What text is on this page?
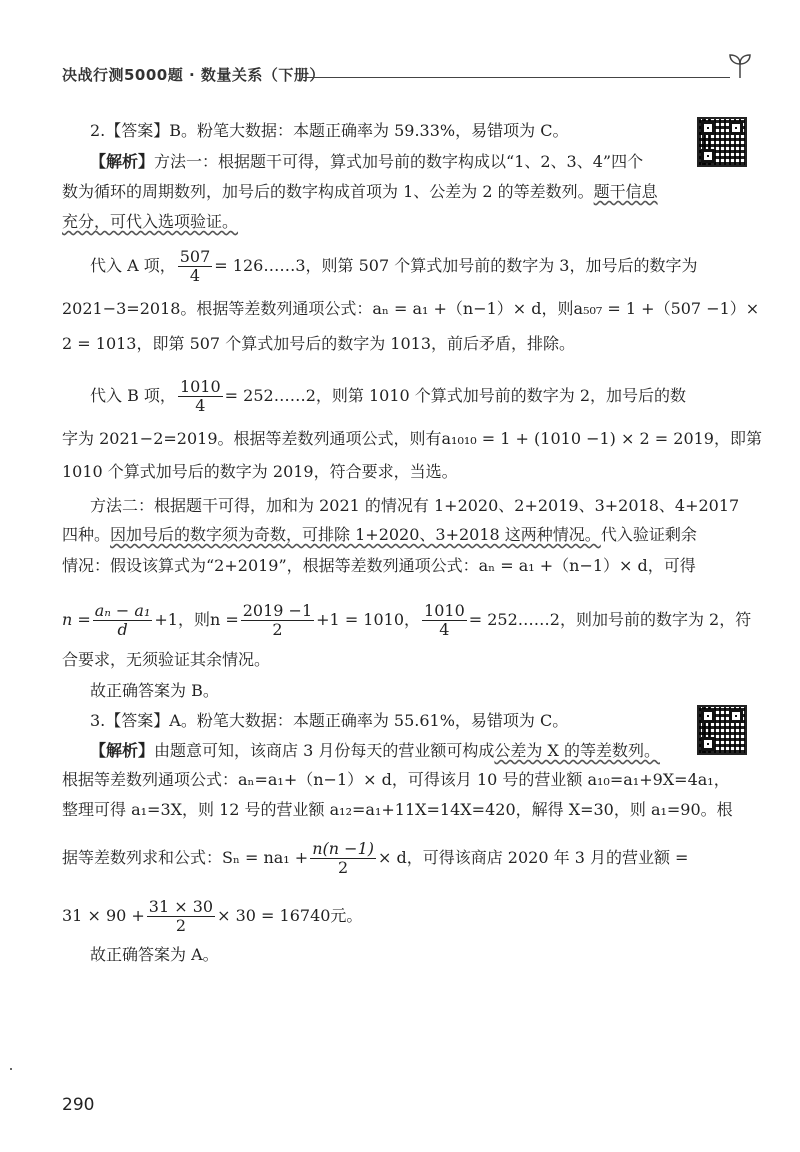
决战行测5000题 · 数量关系（下册）
2.【答案】B。粉笔大数据：本题正确率为 59.33%，易错项为 C。
【解析】方法一：根据题干可得，算式加号前的数字构成以“1、2、3、4”四个
数为循环的周期数列，加号后的数字构成首项为 1、公差为 2 的等差数列。题干信息
充分，可代入选项验证。
代入 A 项， $\frac{507}{4}$ = 126……3，则第 507 个算式加号前的数字为 3，加号后的数字为
2021−3=2018。根据等差数列通项公式：aₙ = a₁ +（n−1）× d，则a₅₀₇ = 1 +（507 −1）×
2 = 1013，即第 507 个算式加号后的数字为 1013，前后矛盾，排除。
代入 B 项， $\frac{1010}{4}$ = 252……2，则第 1010 个算式加号前的数字为 2，加号后的数
字为 2021−2=2019。根据等差数列通项公式，则有a₁₀₁₀ = 1 + (1010 −1) × 2 = 2019，即第
1010 个算式加号后的数字为 2019，符合要求，当选。
方法二：根据题干可得，加和为 2021 的情况有 1+2020、2+2019、3+2018、4+2017
四种。因加号后的数字须为奇数，可排除 1+2020、3+2018 这两种情况。代入验证剩余
情况：假设该算式为“2+2019”，根据等差数列通项公式：aₙ = a₁ +（n−1）× d，可得
$n = \frac{\text{aₙ − a₁}}{d} +1$，则$n = \frac{2019 -1}{2} +1 = 1010$， $\frac{1010}{4}$ = 252……2，则加号前的数字为 2，符
合要求，无须验证其余情况。
故正确答案为 B。
3.【答案】A。粉笔大数据：本题正确率为 55.61%，易错项为 C。
【解析】由题意可知，该商店 3 月份每天的营业额可构成公差为 X 的等差数列。
根据等差数列通项公式：aₙ=a₁+（n−1）× d，可得该月 10 号的营业额 a₁₀=a₁+9X=4a₁，
整理可得 a₁=3X，则 12 号的营业额 a₁₂=a₁+11X=14X=420，解得 X=30，则 a₁=90。根
据等差数列求和公式：$S_n = na_1 + \frac{n(n -1)}{2} \times d$，可得该商店 2020 年 3 月的营业额 =
$31 \times 90 + \frac{31 \times 30}{2} \times 30 = 16740$元。
故正确答案为 A。
290
